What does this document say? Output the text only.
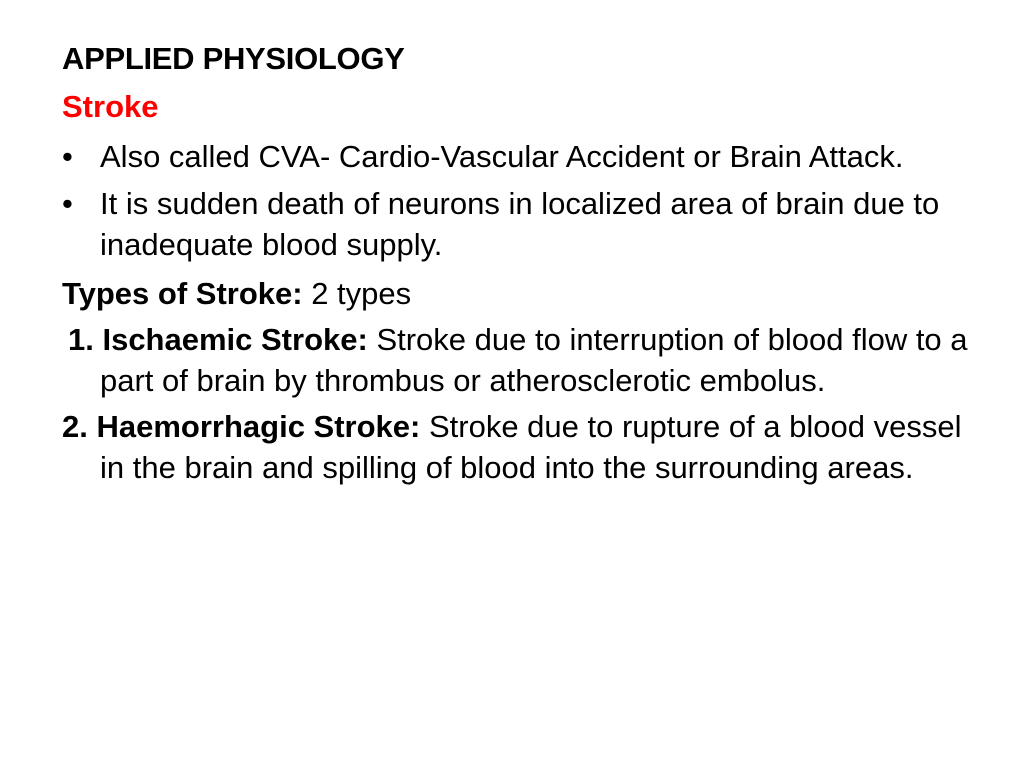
APPLIED PHYSIOLOGY
Stroke
• Also called CVA- Cardio-Vascular Accident or Brain Attack.
• It is sudden death of neurons in localized area of brain due to inadequate blood supply.
Types of Stroke: 2 types
1. Ischaemic Stroke: Stroke due to interruption of blood flow to a part of brain by thrombus or atherosclerotic embolus.
2. Haemorrhagic Stroke: Stroke due to rupture of a blood vessel in the brain and spilling of blood into the surrounding areas.
